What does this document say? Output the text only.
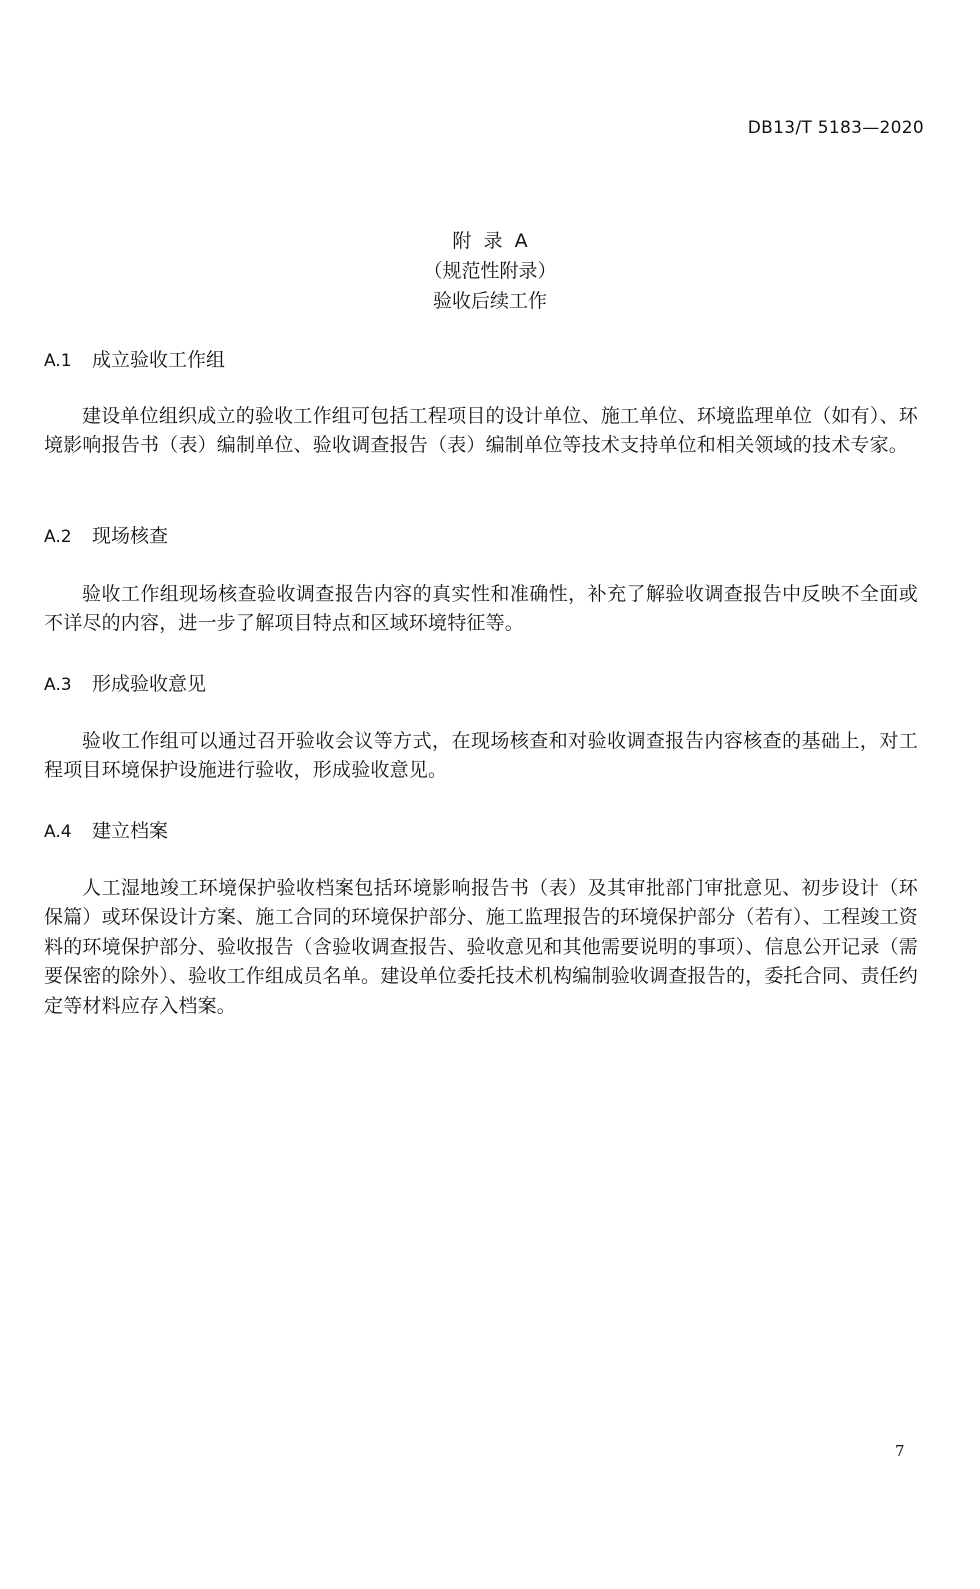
DB13/T 5183—2020
附  录  A
（规范性附录）
验收后续工作
A.1 成立验收工作组

建设单位组织成立的验收工作组可包括工程项目的设计单位、施工单位、环境监理单位（如有）、环境影响报告书（表）编制单位、验收调查报告（表）编制单位等技术支持单位和相关领域的技术专家。

A.2 现场核查

验收工作组现场核查验收调查报告内容的真实性和准确性，补充了解验收调查报告中反映不全面或不详尽的内容，进一步了解项目特点和区域环境特征等。

A.3 形成验收意见

验收工作组可以通过召开验收会议等方式，在现场核查和对验收调查报告内容核查的基础上，对工程项目环境保护设施进行验收，形成验收意见。

A.4 建立档案

人工湿地竣工环境保护验收档案包括环境影响报告书（表）及其审批部门审批意见、初步设计（环保篇）或环保设计方案、施工合同的环境保护部分、施工监理报告的环境保护部分（若有）、工程竣工资料的环境保护部分、验收报告（含验收调查报告、验收意见和其他需要说明的事项）、信息公开记录（需要保密的除外）、验收工作组成员名单。建设单位委托技术机构编制验收调查报告的，委托合同、责任约定等材料应存入档案。

7
